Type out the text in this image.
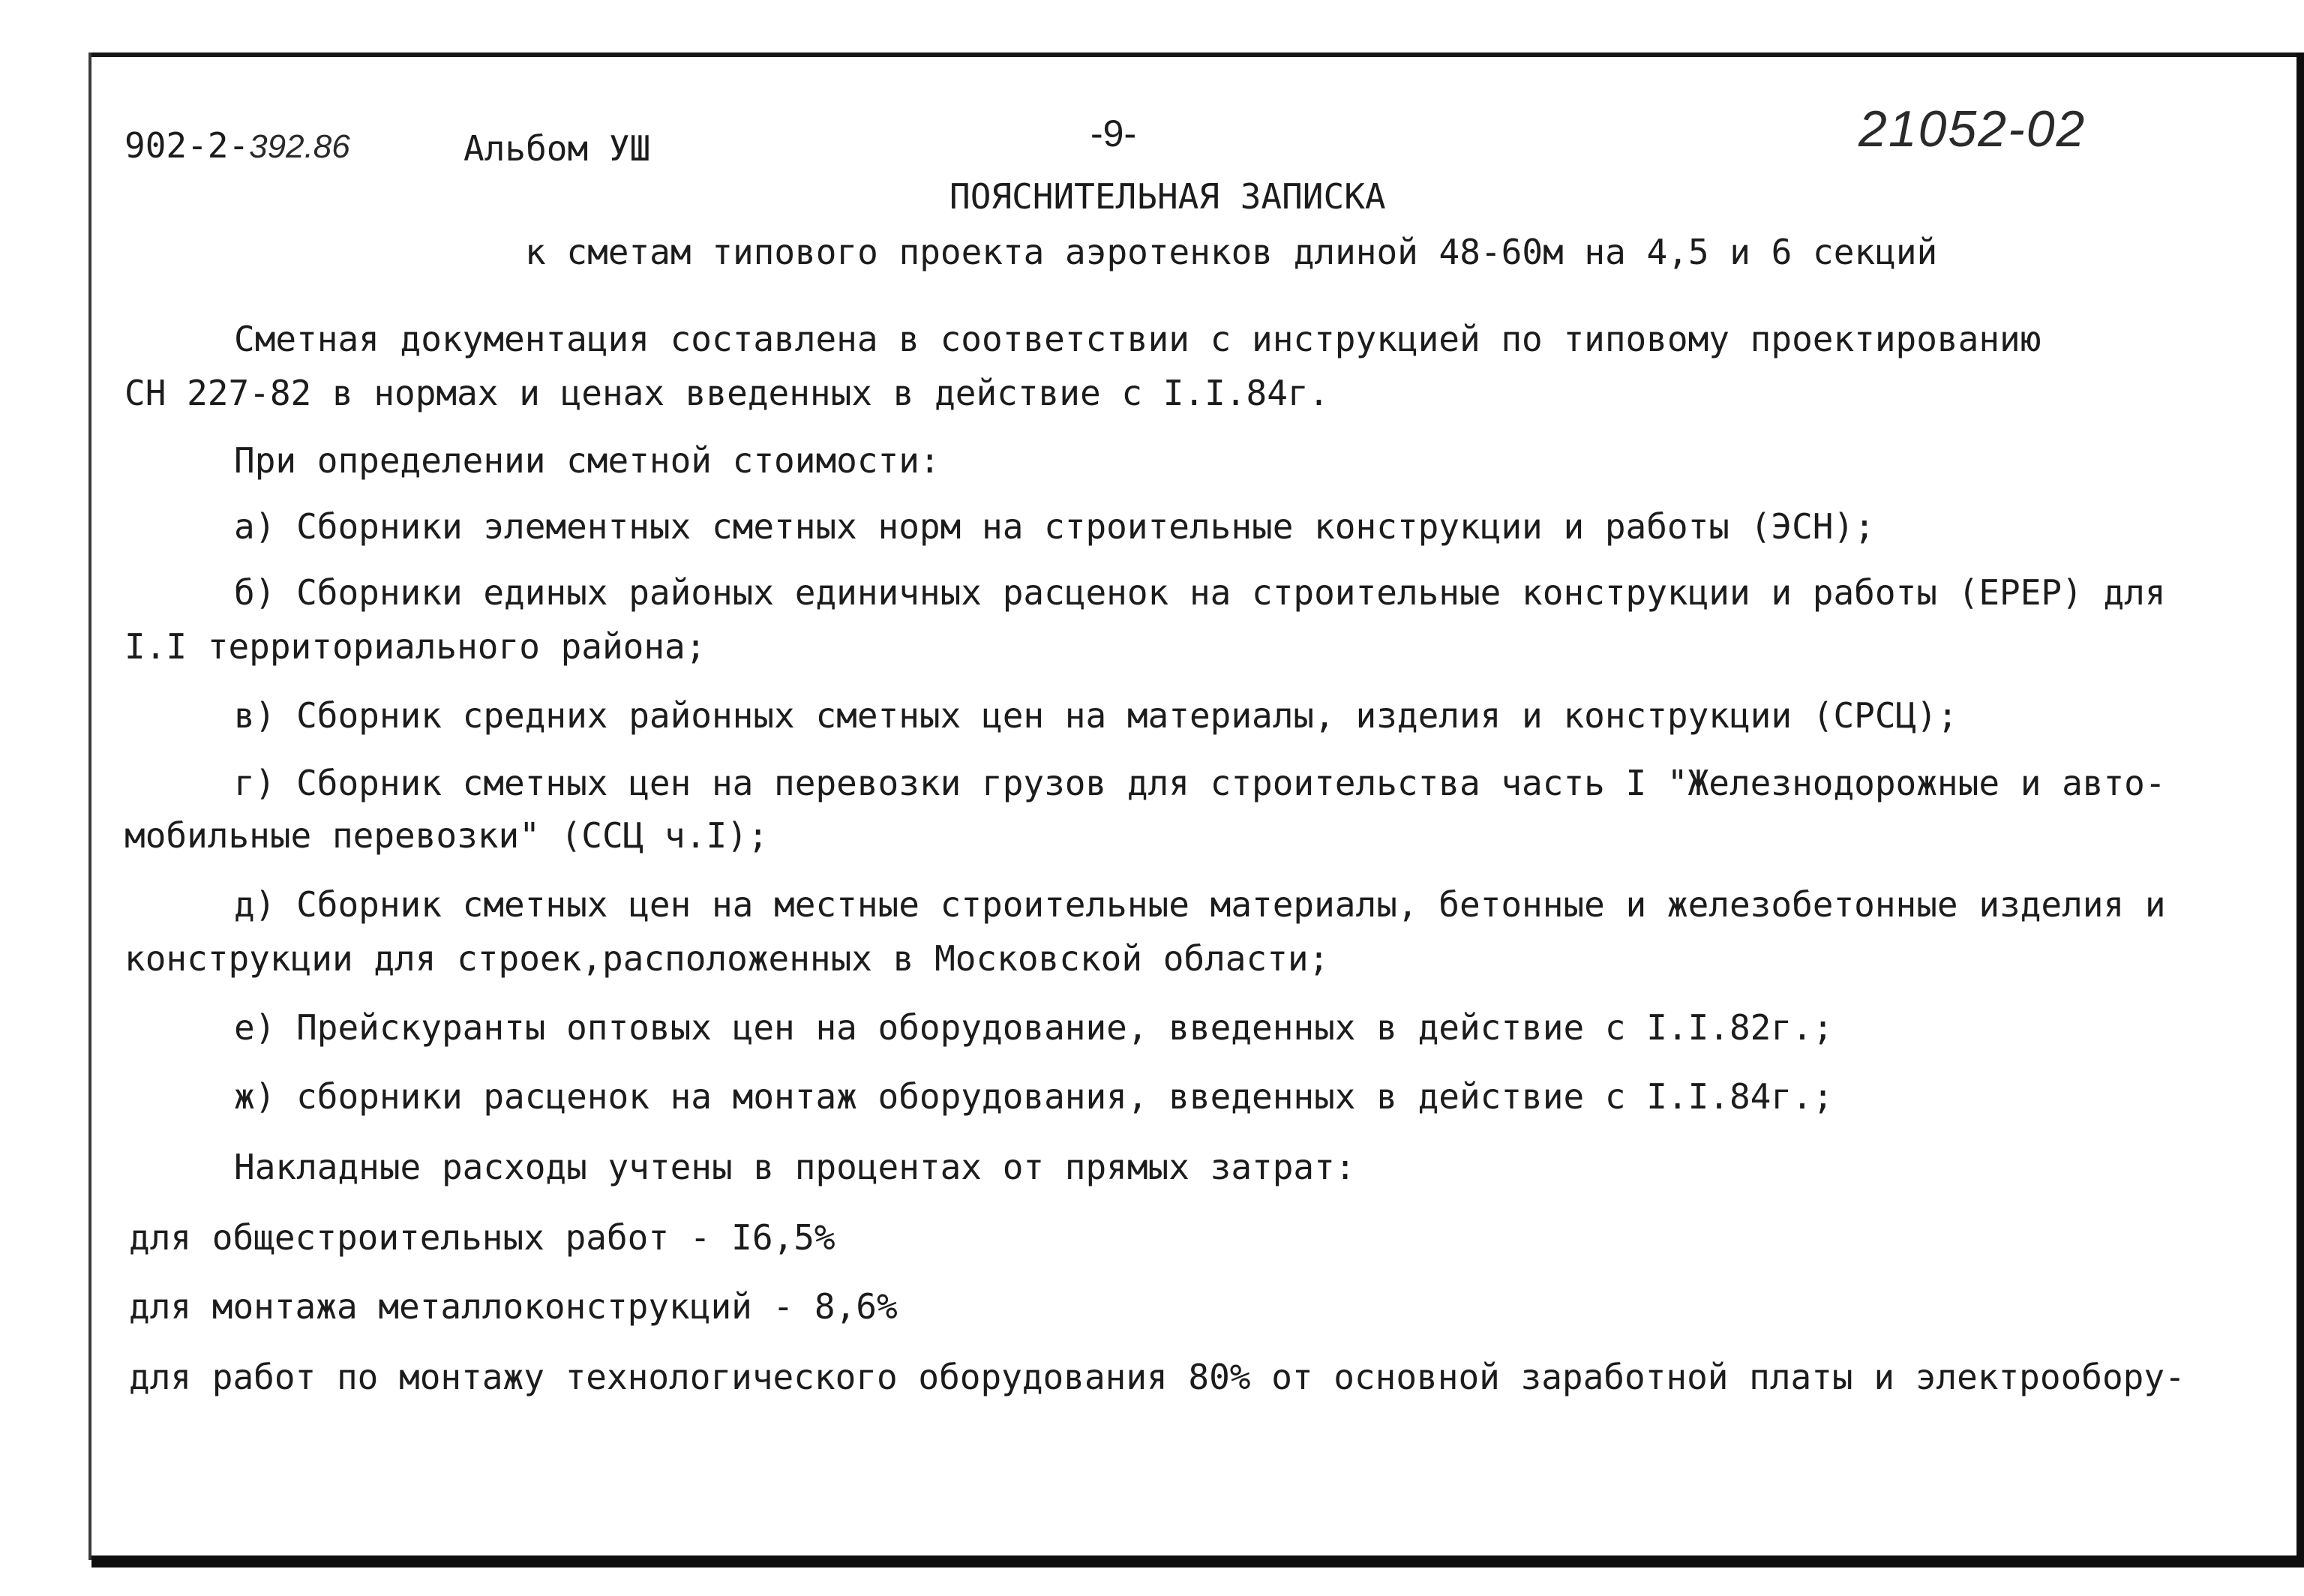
902-2-392.86	Альбом УШ	-9-	21052-02
ПОЯСНИТЕЛЬНАЯ ЗАПИСКА
к сметам типового проекта аэротенков длиной 48-60м на 4,5 и 6 секций
Сметная документация составлена в соответствии с инструкцией по типовому проектированию
СН 227-82 в нормах и ценах введенных в действие с I.I.84г.
При определении сметной стоимости:
а) Сборники элементных сметных норм на строительные конструкции и работы (ЭСН);
б) Сборники единых районых единичных расценок на строительные конструкции и работы (ЕРЕР) для
I.I территориального района;
в) Сборник средних районных сметных цен на материалы, изделия и конструкции (СРСЦ);
г) Сборник сметных цен на перевозки грузов для строительства часть I "Железнодорожные и авто-
мобильные перевозки" (ССЦ ч.I);
д) Сборник сметных цен на местные строительные материалы, бетонные и железобетонные изделия и
конструкции для строек,расположенных в Московской области;
е) Прейскуранты оптовых цен на оборудование, введенных в действие с I.I.82г.;
ж) сборники расценок на монтаж оборудования, введенных в действие с I.I.84г.;
Накладные расходы учтены в процентах от прямых затрат:
для общестроительных работ - I6,5%
для монтажа металлоконструкций - 8,6%
для работ по монтажу технологического оборудования 80% от основной заработной платы и электрообору-
